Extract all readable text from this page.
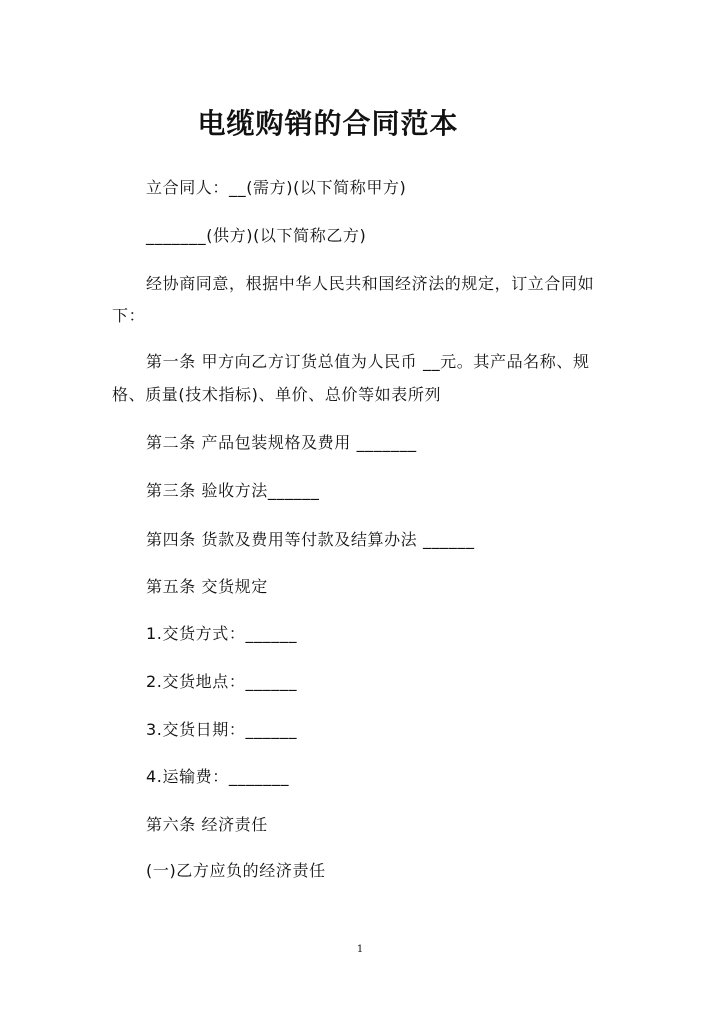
电缆购销的合同范本
立合同人：__(需方)(以下简称甲方)
_______(供方)(以下简称乙方)
经协商同意，根据中华人民共和国经济法的规定，订立合同如
下：
第一条 甲方向乙方订货总值为人民币 __元。其产品名称、规
格、质量(技术指标)、单价、总价等如表所列
第二条 产品包装规格及费用 _______
第三条 验收方法______
第四条 货款及费用等付款及结算办法 ______
第五条 交货规定
1.交货方式：______
2.交货地点：______
3.交货日期：______
4.运输费：_______
第六条 经济责任
(一)乙方应负的经济责任
1
